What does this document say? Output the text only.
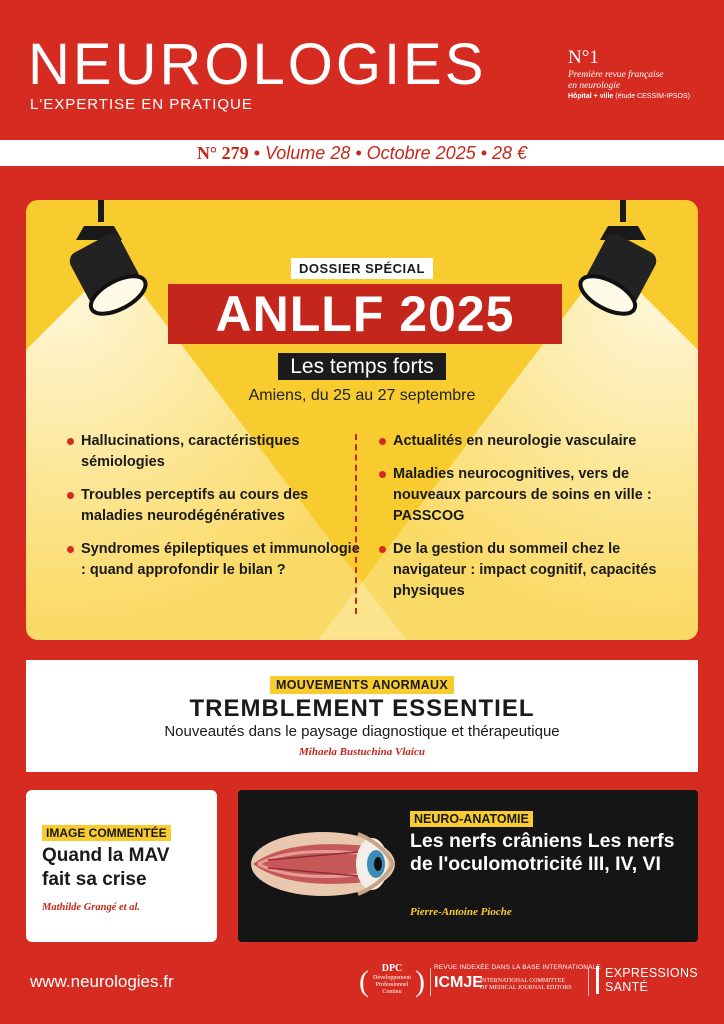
NEUROLOGIES
L'EXPERTISE EN PRATIQUE
N°1
Première revue française
en neurologie
Hôpital + ville (étude CESSIM-IPSOS)
N° 279 • Volume 28 • Octobre 2025 • 28 €
DOSSIER SPÉCIAL
ANLLF 2025
Les temps forts
Amiens, du 25 au 27 septembre
Hallucinations, caractéristiques sémiologies
Troubles perceptifs au cours des maladies neurodégénératives
Syndromes épileptiques et immunologie : quand approfondir le bilan ?
Actualités en neurologie vasculaire
Maladies neurocognitives, vers de nouveaux parcours de soins en ville : PASSCOG
De la gestion du sommeil chez le navigateur : impact cognitif, capacités physiques
MOUVEMENTS ANORMAUX
TREMBLEMENT ESSENTIEL
Nouveautés dans le paysage diagnostique et thérapeutique
Mihaela Bustuchina Vlaicu
IMAGE COMMENTÉE
Quand la MAV fait sa crise
Mathilde Grangé et al.
NEURO-ANATOMIE
Les nerfs crâniens Les nerfs de l'oculomotricité III, IV, VI
Pierre-Antoine Pioche
www.neurologies.fr	(	DPC
Développement Professionnel Continu ) REVUE INDEXÉE DANS LA BASE INTERNATIONALE
ICMJE
INTERNATIONAL COMMITTEE OF MEDICAL JOURNAL EDITORS
EXPRESSIONS
SANTÉ
